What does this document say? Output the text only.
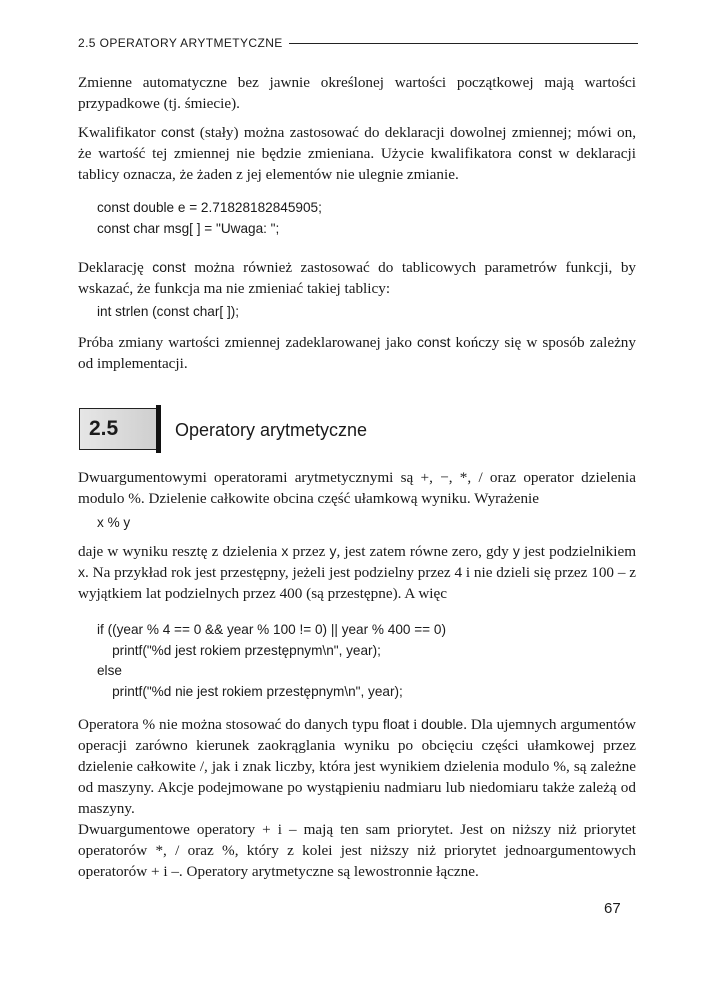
2.5 OPERATORY ARYTMETYCZNE
Zmienne automatyczne bez jawnie określonej wartości początkowej mają wartości przypadkowe (tj. śmiecie).
Kwalifikator const (stały) można zastosować do deklaracji dowolnej zmiennej; mówi on, że wartość tej zmiennej nie będzie zmieniana. Użycie kwalifikatora const w deklaracji tablicy oznacza, że żaden z jej elementów nie ulegnie zmianie.
const double e = 2.71828182845905;
const char msg[ ] = "Uwaga: ";
Deklarację const można również zastosować do tablicowych parametrów funkcji, by wskazać, że funkcja ma nie zmieniać takiej tablicy:
int strlen (const char[ ]);
Próba zmiany wartości zmiennej zadeklarowanej jako const kończy się w sposób zależny od implementacji.
2.5	Operatory arytmetyczne
Dwuargumentowymi operatorami arytmetycznymi są +, −, *, / oraz operator dzielenia modulo %. Dzielenie całkowite obcina część ułamkową wyniku. Wyrażenie
x % y
daje w wyniku resztę z dzielenia x przez y, jest zatem równe zero, gdy y jest podzielnikiem x. Na przykład rok jest przestępny, jeżeli jest podzielny przez 4 i nie dzieli się przez 100 – z wyjątkiem lat podzielnych przez 400 (są przestępne). A więc
if ((year % 4 == 0 && year % 100 != 0) || year % 400 == 0)
printf("%d jest rokiem przestępnym\n", year);
else
printf("%d nie jest rokiem przestępnym\n", year);
Operatora % nie można stosować do danych typu float i double. Dla ujemnych argumentów operacji zarówno kierunek zaokrąglania wyniku po obcięciu części ułamkowej przez dzielenie całkowite /, jak i znak liczby, która jest wynikiem dzielenia modulo %, są zależne od maszyny. Akcje podejmowane po wystąpieniu nadmiaru lub niedomiaru także zależą od maszyny.
Dwuargumentowe operatory + i – mają ten sam priorytet. Jest on niższy niż priorytet operatorów *, / oraz %, który z kolei jest niższy niż priorytet jednoargumentowych operatorów + i –. Operatory arytmetyczne są lewostronnie łączne.
67
